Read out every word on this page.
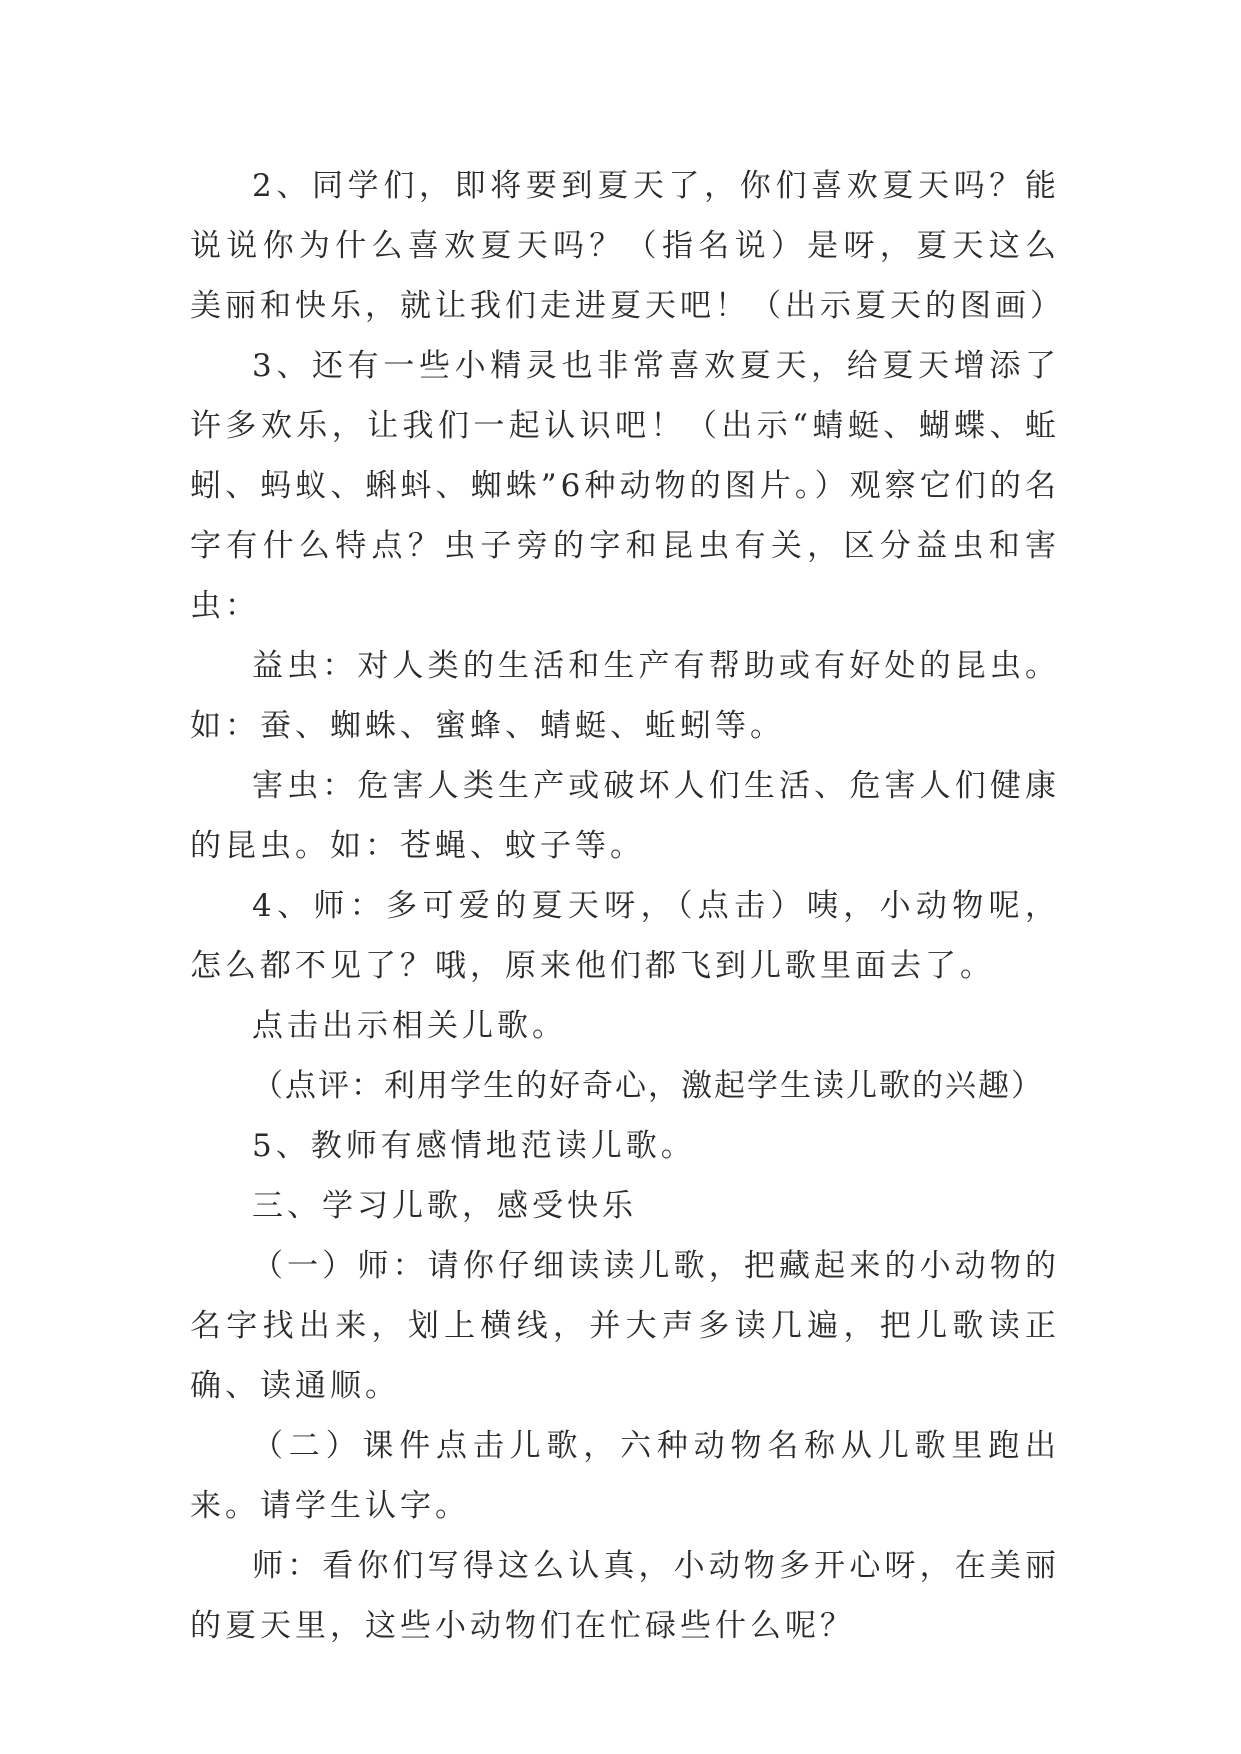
2、同学们，即将要到夏天了，你们喜欢夏天吗？能说说你为什么喜欢夏天吗？（指名说）是呀，夏天这么美丽和快乐，就让我们走进夏天吧！（出示夏天的图画）

3、还有一些小精灵也非常喜欢夏天，给夏天增添了许多欢乐，让我们一起认识吧！（出示“蜻蜓、蝴蝶、蚯蚓、蚂蚁、蝌蚪、蜘蛛”6种动物的图片。）观察它们的名字有什么特点？虫子旁的字和昆虫有关，区分益虫和害虫：

益虫：对人类的生活和生产有帮助或有好处的昆虫。如：蚕、蜘蛛、蜜蜂、蜻蜓、蚯蚓等。

害虫：危害人类生产或破坏人们生活、危害人们健康的昆虫。如：苍蝇、蚊子等。

4、师：多可爱的夏天呀，（点击）咦，小动物呢，怎么都不见了？哦，原来他们都飞到儿歌里面去了。

点击出示相关儿歌。

（点评：利用学生的好奇心，激起学生读儿歌的兴趣）

5、教师有感情地范读儿歌。

三、学习儿歌，感受快乐

（一）师：请你仔细读读儿歌，把藏起来的小动物的名字找出来，划上横线，并大声多读几遍，把儿歌读正确、读通顺。

（二）课件点击儿歌，六种动物名称从儿歌里跑出来。请学生认字。

师：看你们写得这么认真，小动物多开心呀，在美丽的夏天里，这些小动物们在忙碌些什么呢？
